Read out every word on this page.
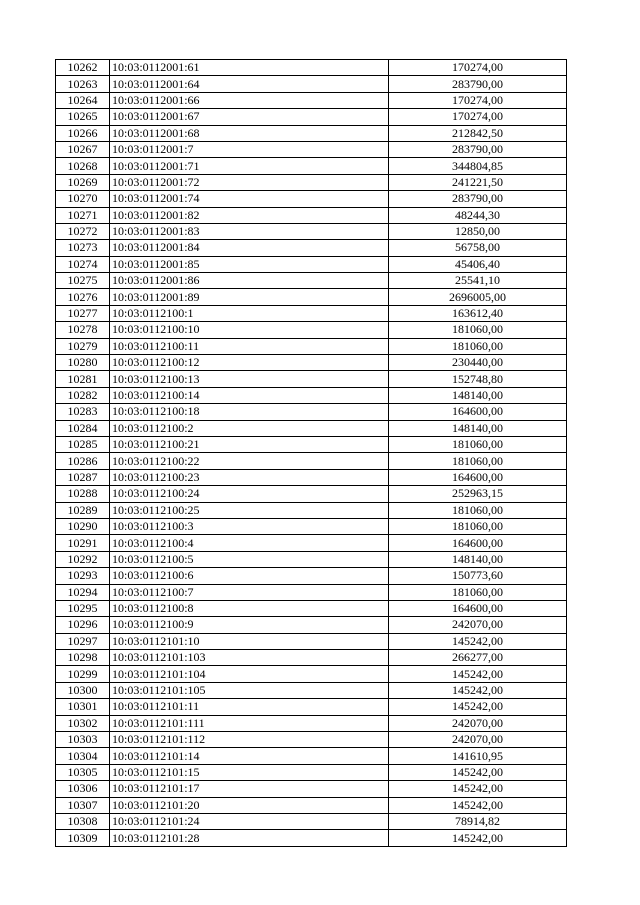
10262	10:03:0112001:61	170274,00
10263	10:03:0112001:64	283790,00
10264	10:03:0112001:66	170274,00
10265	10:03:0112001:67	170274,00
10266	10:03:0112001:68	212842,50
10267	10:03:0112001:7	283790,00
10268	10:03:0112001:71	344804,85
10269	10:03:0112001:72	241221,50
10270	10:03:0112001:74	283790,00
10271	10:03:0112001:82	48244,30
10272	10:03:0112001:83	12850,00
10273	10:03:0112001:84	56758,00
10274	10:03:0112001:85	45406,40
10275	10:03:0112001:86	25541,10
10276	10:03:0112001:89	2696005,00
10277	10:03:0112100:1	163612,40
10278	10:03:0112100:10	181060,00
10279	10:03:0112100:11	181060,00
10280	10:03:0112100:12	230440,00
10281	10:03:0112100:13	152748,80
10282	10:03:0112100:14	148140,00
10283	10:03:0112100:18	164600,00
10284	10:03:0112100:2	148140,00
10285	10:03:0112100:21	181060,00
10286	10:03:0112100:22	181060,00
10287	10:03:0112100:23	164600,00
10288	10:03:0112100:24	252963,15
10289	10:03:0112100:25	181060,00
10290	10:03:0112100:3	181060,00
10291	10:03:0112100:4	164600,00
10292	10:03:0112100:5	148140,00
10293	10:03:0112100:6	150773,60
10294	10:03:0112100:7	181060,00
10295	10:03:0112100:8	164600,00
10296	10:03:0112100:9	242070,00
10297	10:03:0112101:10	145242,00
10298	10:03:0112101:103	266277,00
10299	10:03:0112101:104	145242,00
10300	10:03:0112101:105	145242,00
10301	10:03:0112101:11	145242,00
10302	10:03:0112101:111	242070,00
10303	10:03:0112101:112	242070,00
10304	10:03:0112101:14	141610,95
10305	10:03:0112101:15	145242,00
10306	10:03:0112101:17	145242,00
10307	10:03:0112101:20	145242,00
10308	10:03:0112101:24	78914,82
10309	10:03:0112101:28	145242,00
